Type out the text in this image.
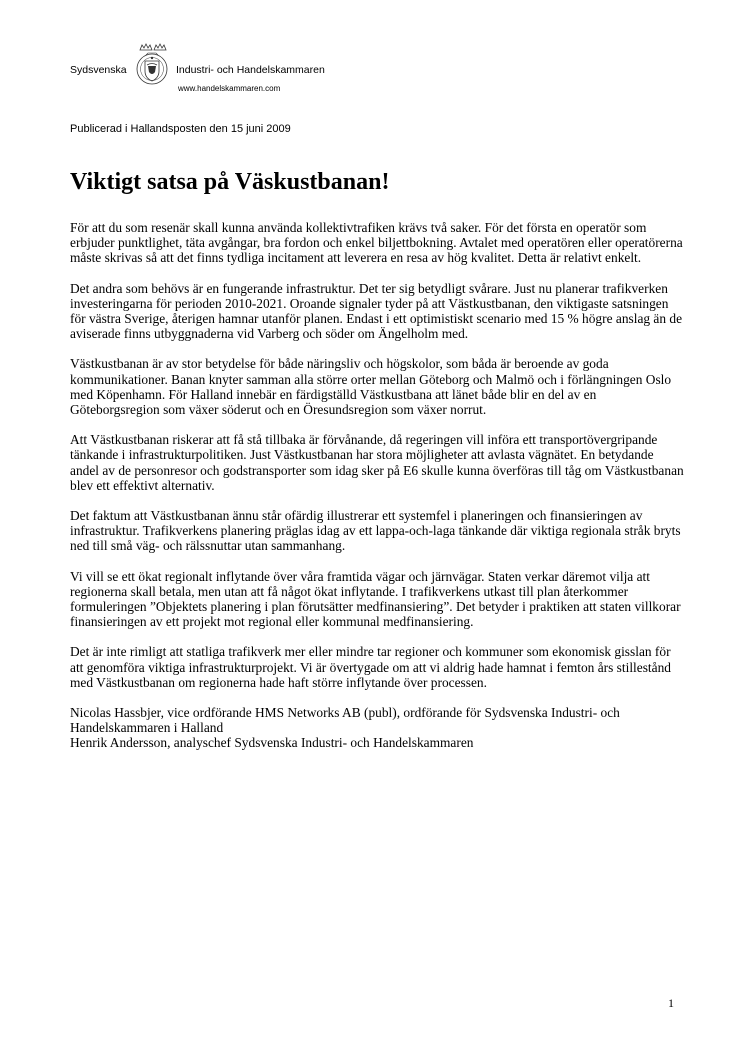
Sydsvenska	Industri- och Handelskammaren
www.handelskammaren.com
Publicerad i Hallandsposten den 15 juni 2009
Viktigt satsa på Väskustbanan!

För att du som resenär skall kunna använda kollektivtrafiken krävs två saker. För det första en operatör som erbjuder punktlighet, täta avgångar, bra fordon och enkel biljettbokning. Avtalet med operatören eller operatörerna måste skrivas så att det finns tydliga incitament att leverera en resa av hög kvalitet. Detta är relativt enkelt.

Det andra som behövs är en fungerande infrastruktur. Det ter sig betydligt svårare. Just nu planerar trafikverken investeringarna för perioden 2010-2021. Oroande signaler tyder på att Västkustbanan, den viktigaste satsningen för västra Sverige, återigen hamnar utanför planen. Endast i ett optimistiskt scenario med 15 % högre anslag än de aviserade finns utbyggnaderna vid Varberg och söder om Ängelholm med.

Västkustbanan är av stor betydelse för både näringsliv och högskolor, som båda är beroende av goda kommunikationer. Banan knyter samman alla större orter mellan Göteborg och Malmö och i förlängningen Oslo med Köpenhamn. För Halland innebär en färdigställd Västkustbana att länet både blir en del av en Göteborgsregion som växer söderut och en Öresundsregion som växer norrut.

Att Västkustbanan riskerar att få stå tillbaka är förvånande, då regeringen vill införa ett transportövergripande tänkande i infrastrukturpolitiken. Just Västkustbanan har stora möjligheter att avlasta vägnätet. En betydande andel av de personresor och godstransporter som idag sker på E6 skulle kunna överföras till tåg om Västkustbanan blev ett effektivt alternativ.

Det faktum att Västkustbanan ännu står ofärdig illustrerar ett systemfel i planeringen och finansieringen av infrastruktur. Trafikverkens planering präglas idag av ett lappa-och-laga tänkande där viktiga regionala stråk bryts ned till små väg- och rälssnuttar utan sammanhang.

Vi vill se ett ökat regionalt inflytande över våra framtida vägar och järnvägar. Staten verkar däremot vilja att regionerna skall betala, men utan att få något ökat inflytande. I trafikverkens utkast till plan återkommer formuleringen ”Objektets planering i plan förutsätter medfinansiering”. Det betyder i praktiken att staten villkorar finansieringen av ett projekt mot regional eller kommunal medfinansiering.

Det är inte rimligt att statliga trafikverk mer eller mindre tar regioner och kommuner som ekonomisk gisslan för att genomföra viktiga infrastrukturprojekt. Vi är övertygade om att vi aldrig hade hamnat i femton års stillestånd med Västkustbanan om regionerna hade haft större inflytande över processen.

Nicolas Hassbjer, vice ordförande HMS Networks AB (publ), ordförande för Sydsvenska Industri- och Handelskammaren i Halland
Henrik Andersson, analyschef Sydsvenska Industri- och Handelskammaren
1
